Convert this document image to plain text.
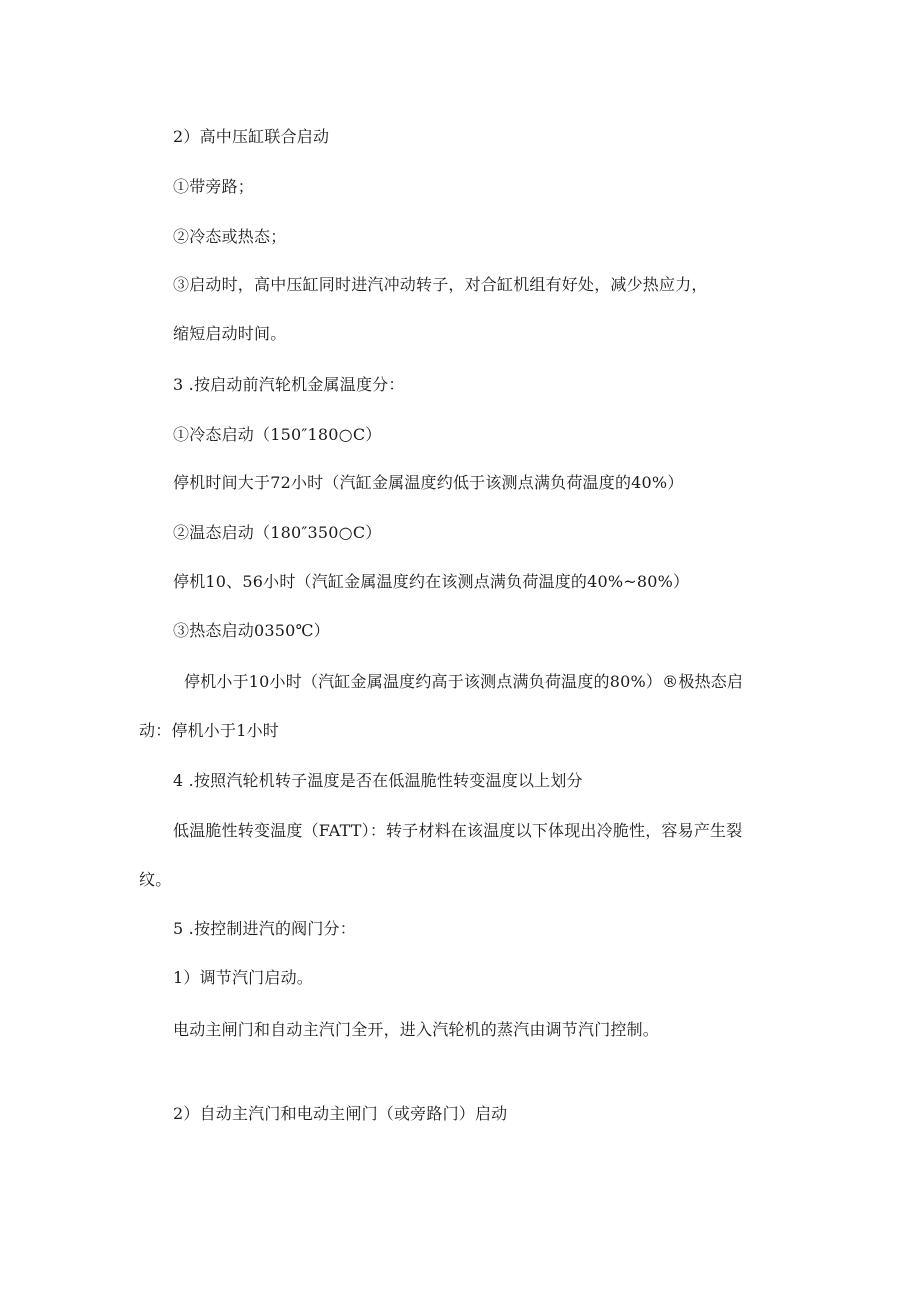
2）高中压缸联合启动

①带旁路；

②冷态或热态；

③启动时，高中压缸同时进汽冲动转子，对合缸机组有好处，减少热应力，

缩短启动时间。

3 .按启动前汽轮机金属温度分：

①冷态启动（150″180○C）

停机时间大于72小时（汽缸金属温度约低于该测点满负荷温度的40%）

②温态启动（180″350○C）

停机10、56小时（汽缸金属温度约在该测点满负荷温度的40%~80%）

③热态启动0350℃）

停机小于10小时（汽缸金属温度约高于该测点满负荷温度的80%）®极热态启

动：停机小于1小时

4 .按照汽轮机转子温度是否在低温脆性转变温度以上划分

低温脆性转变温度（FATT）：转子材料在该温度以下体现出冷脆性，容易产生裂

纹。

5 .按控制进汽的阀门分：

1）调节汽门启动。

电动主闸门和自动主汽门全开，进入汽轮机的蒸汽由调节汽门控制。

2）自动主汽门和电动主闸门（或旁路门）启动
